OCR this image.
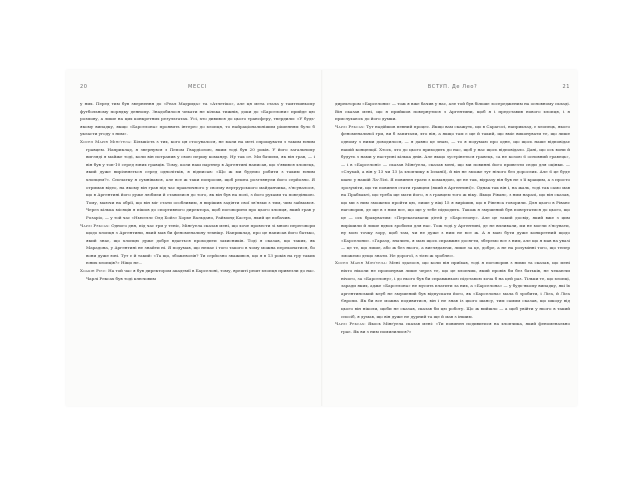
20	МЕССІ

у них. Перед тим був звернення до «Реал Мадрида» та «Атлетіко», але ця мета стала у тамтешньому футбольному порядку денному. Знадобилося чекати не кілька тижнів, доки до «Барселони» прийде цю розмову, а лише на цих конкретних результатах. Усі, хто дивився до цього трансферу, твердили: «У будь-якому випадку, якщо «Барселона» проявить інтерес до хлопця, то найраціональнішим рішенням було б укласти угоду з ним».

Хосеп Марія Мінґуела: Більшість з тих, кого ця стосувалося, не мали на меті спрощувати з таким юним гравцем. Наприклад, я звернувся з Пепом Гвардіолою, яким тоді був 20 років. У його загальному вигляді я майже тоді, коли він потрапив у свою першу команду. Ну так от. Ми бачили, як він грав, — і він був у топ-10 серед юних гравців. Тому, коли наш партнер в Аргентині написав, що з'явився хлопець, який дуже вирізняється серед однолітків, я відписав: «Що ж ми будемо робити з таким юним хлопцем?». Спочатку я сумнівався, але все ж таки попросив, щоб решта розглянули його серйозно. Я отримав відео, на якому він грав під час практичного у своєму вертрурського майданчика, з'ясувалося, що в Аргентині його дуже любили й ставилися до того, як він був на полі, з його рухами та поведінкою. Тому, маючи на обрії, що він міг стати особливим, я вирішив задіяти свої зв'язки з тим, чим займався. Через кілька місяців я пішов до спортивного директора, щоб поговорити про цього хлопця, який грав у Розаріо, — у той час «Ньюеллс Олд Бойз» Хорхе Вальдано, Раймонд Кастро, який це побачив.

Чарлі Рексах: Одного дня, під час гри у теніс, Мінґуела сказав мені, що хоче провести зі мною переговори щодо хлопця з Аргентини, який мав би феноменальну техніку. Наприклад, про це написав його батько, який знає, що хлопцю дуже добре вдається проходити захисників. Тоді я сказав, що таких, як Марадона, у Аргентині не знайти ні. Я подумав, що немає і того такого в чому можна переконатися, бо вони дуже юні. Тут є й такий: «Та що, збожеволів? Ти серйозно зважився, що я в 13 років на гру таких юних хлопців?» Ніщо не...

Хоакін Рієс: На той час я був директором академії в Барселоні, тому, врешті решт хлопця привезли до нас. Чарлі Рексах був тоді ключовим

ВСТУП. Де Лео?	21

директором «Барселони» — тож я вже бачив у нас, але той був більше зосередженим на основному складі. Він сказав мені, що я прийшов повернутися з Аргентини, щоб я і представив нового хлопця, і я прислухаюсь до його думки.

Чарлі Рексах: Тут надійшов певний процес. Якщо вам скажуть, що в Сарагосі, наприклад, є хлопець, якого феноменальної гри, ви б запитали, хто він, а якщо там є ще й такий, що вміє виконувати те, що лише одному з ними доводилося, — я давно це знаю, — то я подумаю про одне, що щось наше відповідає нашій концепції. Хтось, хто до цього приходить до нас, щоб у нас щось відповідало. Дані, що ось вони й будуть з нами у наступні кілька днів. Але якщо зустрінеться гравець, «а не козою 6 основний гравець», — і в «Барселоні» — сказав Мінґуела, сказав мені, що ми повинні його привезти сюди для оцінки. — «Слухай, а він у 13 чи 13 (а хлопчику в Іспанії), й він не зможе тут нічого без дорослих. Але 6 це буде шанс у нашій Ла-Лізі. Я повинен грати з командою, це не так, відразу він був не з її кращим, а з просто зрозуміти, що ти повинен стати гравцем (який в Аргентині)». Однак так він і, на жаль, тоді так само мав на Прабхакті, що треба ще мати його, я з гравцем того ж віку. Якщо Ріванс, з ним наразі, що він сказав, що ми з ним зможемо пройти цю, лише у віці 15 я вирішив, що в Рівенса говорили. Для цього в Ріванс наговорив, де ще в з ним все, що ще у тебе підходить. Також я змушений був повертатися до цього, що це — ось бракуватим: «Перекатаваеш дітей у «Барселону». Але це такий досвід, який вже з цим вирішили й лише вдвох зробили для нас. Тож тоді у Аргентині, де не впливали, ми не могли з'ясувати, ну мою точку зору, щоб там, чи не дуже з ним не все ж. А я маю бути дуже конкретний щодо «Барселони». «Гаразд, значить, я маю щось справжнє досягти, зберемо все з ним, але що я мав на увазі — це те, що лише, або ж без нього, а виглядаючи, лише за це, добре, а не на розумінні того, що тепер зможемо дещо знати. Не дорогої, з тією ж зроблю».

Хосеп Марія Мінґуела: Мені здалося, що коли він приїхав, тоді я поговорив з ними та сказав, що мені ніхто ніколи не пропонував лише через те, що це хлопчик, який провів би без батьків, не чекаючи нічого, за «Барселону», і до нього був би справжньою підставою хоча б на цей раз. Тільки те, що хлопці, заради яких, адже «Барселона» не мусить платити за них, а «Барселона» — у будь-якому випадку, які їх аргентинський клуб не змушений був відпускати його, як «Барселона» мала б зробити, і Ліга, й Ліга Європи. Як би все можна подивитися, він і не знав із цього шансу, тим самим сказав, що шкоду від цього він ніколи, щоби не сказав, сказав би цю роботу. Що ж вийшло — а щоб увійти у нього в такий спосіб, я думав, що він дуже не дурний та ще й мав з іншим.

Чарлі Рексах: Якось Мінґуела сказав мені: «Ти повинен подивитися на хлопчика, який феноменально грає. Як ви з ним помилилися?»
